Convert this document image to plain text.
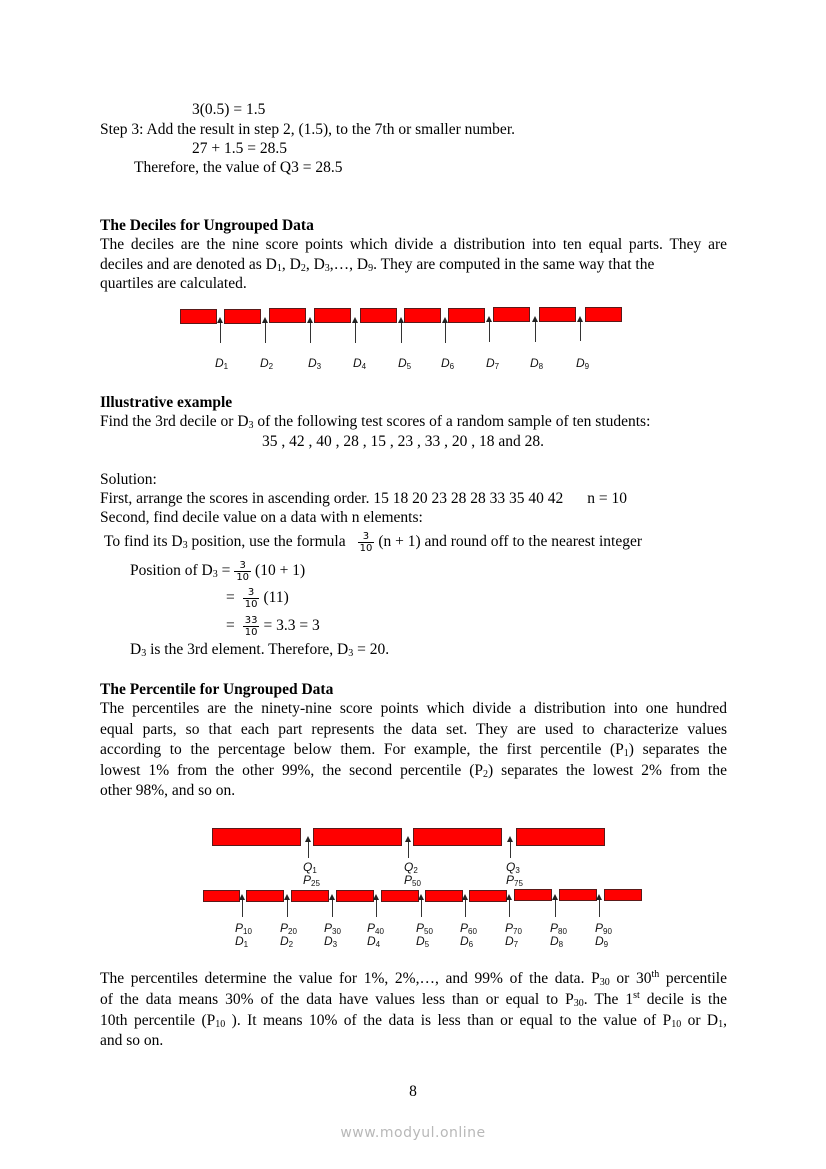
3(0.5) = 1.5
Step 3: Add the result in step 2, (1.5), to the 7th or smaller number.
27 + 1.5 = 28.5
Therefore, the value of Q3 = 28.5
The Deciles for Ungrouped Data
The deciles are the nine score points which divide a distribution into ten equal parts. They are
deciles and are denoted as $D_1$, $D_2$, $D_3,\dots$, $D_9$. They are computed in the same way that the
quartiles are calculated.
$D_1$	$D_2$	$D_3$	$D_4$	$D_5$ $D_6$	$D_7$	$D_8$	$D_9$
Illustrative example
Find the 3rd decile or $D_3$ of the following test scores of a random sample of ten students:
35 , 42 , 40 , 28 , 15 , 23 , 33 , 20 , 18 and 28.
Solution:
First, arrange the scores in ascending order. 15 18 20 23 28 28 33 35 40 42 n = 10
Second, find decile value on a data with n elements:
To find its $D_3$ position, use the formula $\frac{3}{10} (n + 1)$ and round off to the nearest integer
Position of $D_3 = \frac{3}{10} (10 + 1)$
= $\frac{3}{10} (11)$
= $\frac{33}{10} = 3.3 = 3$
$D_3$ is the 3rd element. Therefore, $D_3 = 20$.
The Percentile for Ungrouped Data
The percentiles are the ninety-nine score points which divide a distribution into one hundred
equal parts, so that each part represents the data set. They are used to characterize values
according to the percentage below them. For example, the first percentile $(P_1)$ separates the
lowest 1% from the other 99%, the second percentile $(P_2)$ separates the lowest 2% from the
other 98%, and so on.
$Q_1$
$P_{25}$
$Q_2$
$P_{50}$
$Q_3$
$P_{75}$
$P_{10}$
$D_1$
$P_{20}$
$D_2$
$P_{30}$
$D_3$
$P_{40}$
$D_4$
$P_{50}$
$D_5$
$P_{60}$
$D_6$
$P_{70}$
$D_7$
$P_{80}$
$D_8$
$P_{90}$
$D_9$
The percentiles determine the value for 1%, 2%,…, and 99% of the data. $P_{30}$ or 30th percentile
of the data means 30% of the data have values less than or equal to $P_{30}$. The 1st decile is the
10th percentile ($P_{10}$ ). It means 10% of the data is less than or equal to the value of $P_{10}$ or $D_1$,
and so on.
8
www.modyul.online
